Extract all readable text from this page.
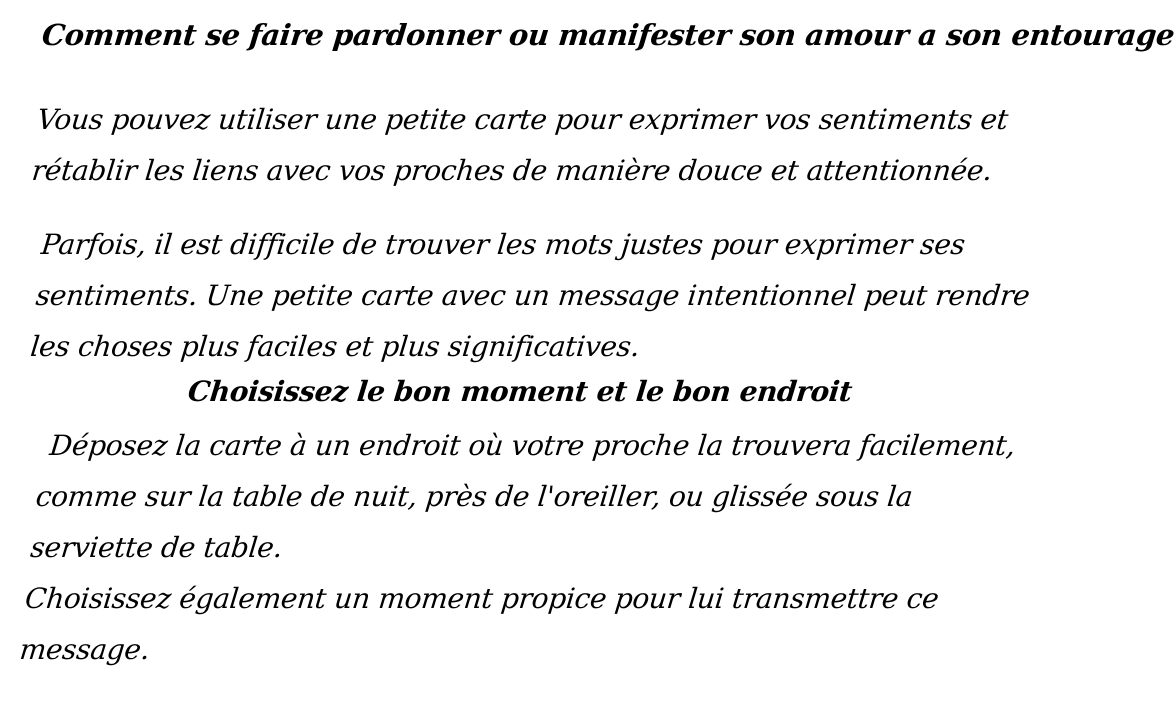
Comment se faire pardonner ou manifester son amour a son entourage
Vous pouvez utiliser une petite carte pour exprimer vos sentiments et
rétablir les liens avec vos proches de manière douce et attentionnée.
Parfois, il est difficile de trouver les mots justes pour exprimer ses
sentiments. Une petite carte avec un message intentionnel peut rendre
les choses plus faciles et plus significatives.
Choisissez le bon moment et le bon endroit
Déposez la carte à un endroit où votre proche la trouvera facilement,
comme sur la table de nuit, près de l'oreiller, ou glissée sous la
serviette de table.
Choisissez également un moment propice pour lui transmettre ce
message.
